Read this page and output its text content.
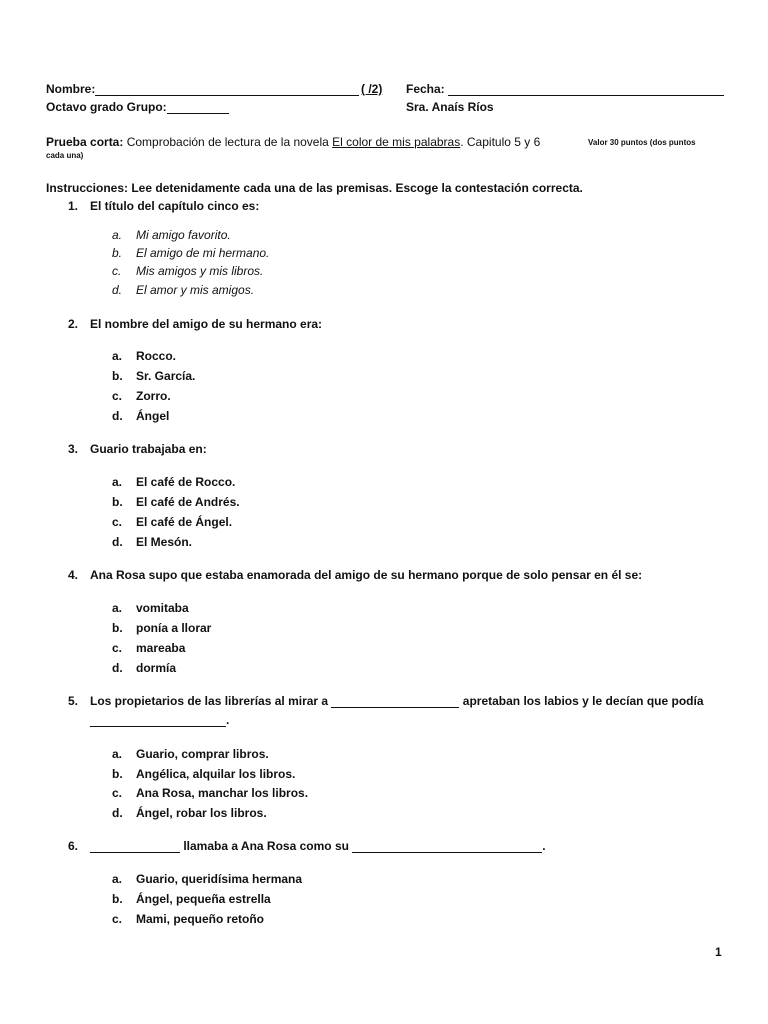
Nombre:	( /2) Fecha:
Octavo grado Grupo:	Sra. Anaís Ríos
Prueba corta: Comprobación de lectura de la novela El color de mis palabras. Capitulo 5 y 6	Valor 30 puntos (dos puntos
cada una)
Instrucciones: Lee detenidamente cada una de las premisas. Escoge la contestación correcta.
1. El título del capítulo cinco es:
a. Mi amigo favorito.
b. El amigo de mi hermano.
c. Mis amigos y mis libros.
d. El amor y mis amigos.
2. El nombre del amigo de su hermano era:
a. Rocco.
b. Sr. García.
c. Zorro.
d. Ángel
3. Guario trabajaba en:
a. El café de Rocco.
b. El café de Andrés.
c. El café de Ángel.
d. El Mesón.
4. Ana Rosa supo que estaba enamorada del amigo de su hermano porque de solo pensar en él se:
a. vomitaba
b. ponía a llorar
c. mareaba
d. dormía
5. Los propietarios de las librerías al mirar a	apretaban los labios y le decían que podía
.
a. Guario, comprar libros.
b. Angélica, alquilar los libros.
c. Ana Rosa, manchar los libros.
d. Ángel, robar los libros.
6.	llamaba a Ana Rosa como su	.
a. Guario, queridísima hermana
b. Ángel, pequeña estrella
c. Mami, pequeño retoño
1
